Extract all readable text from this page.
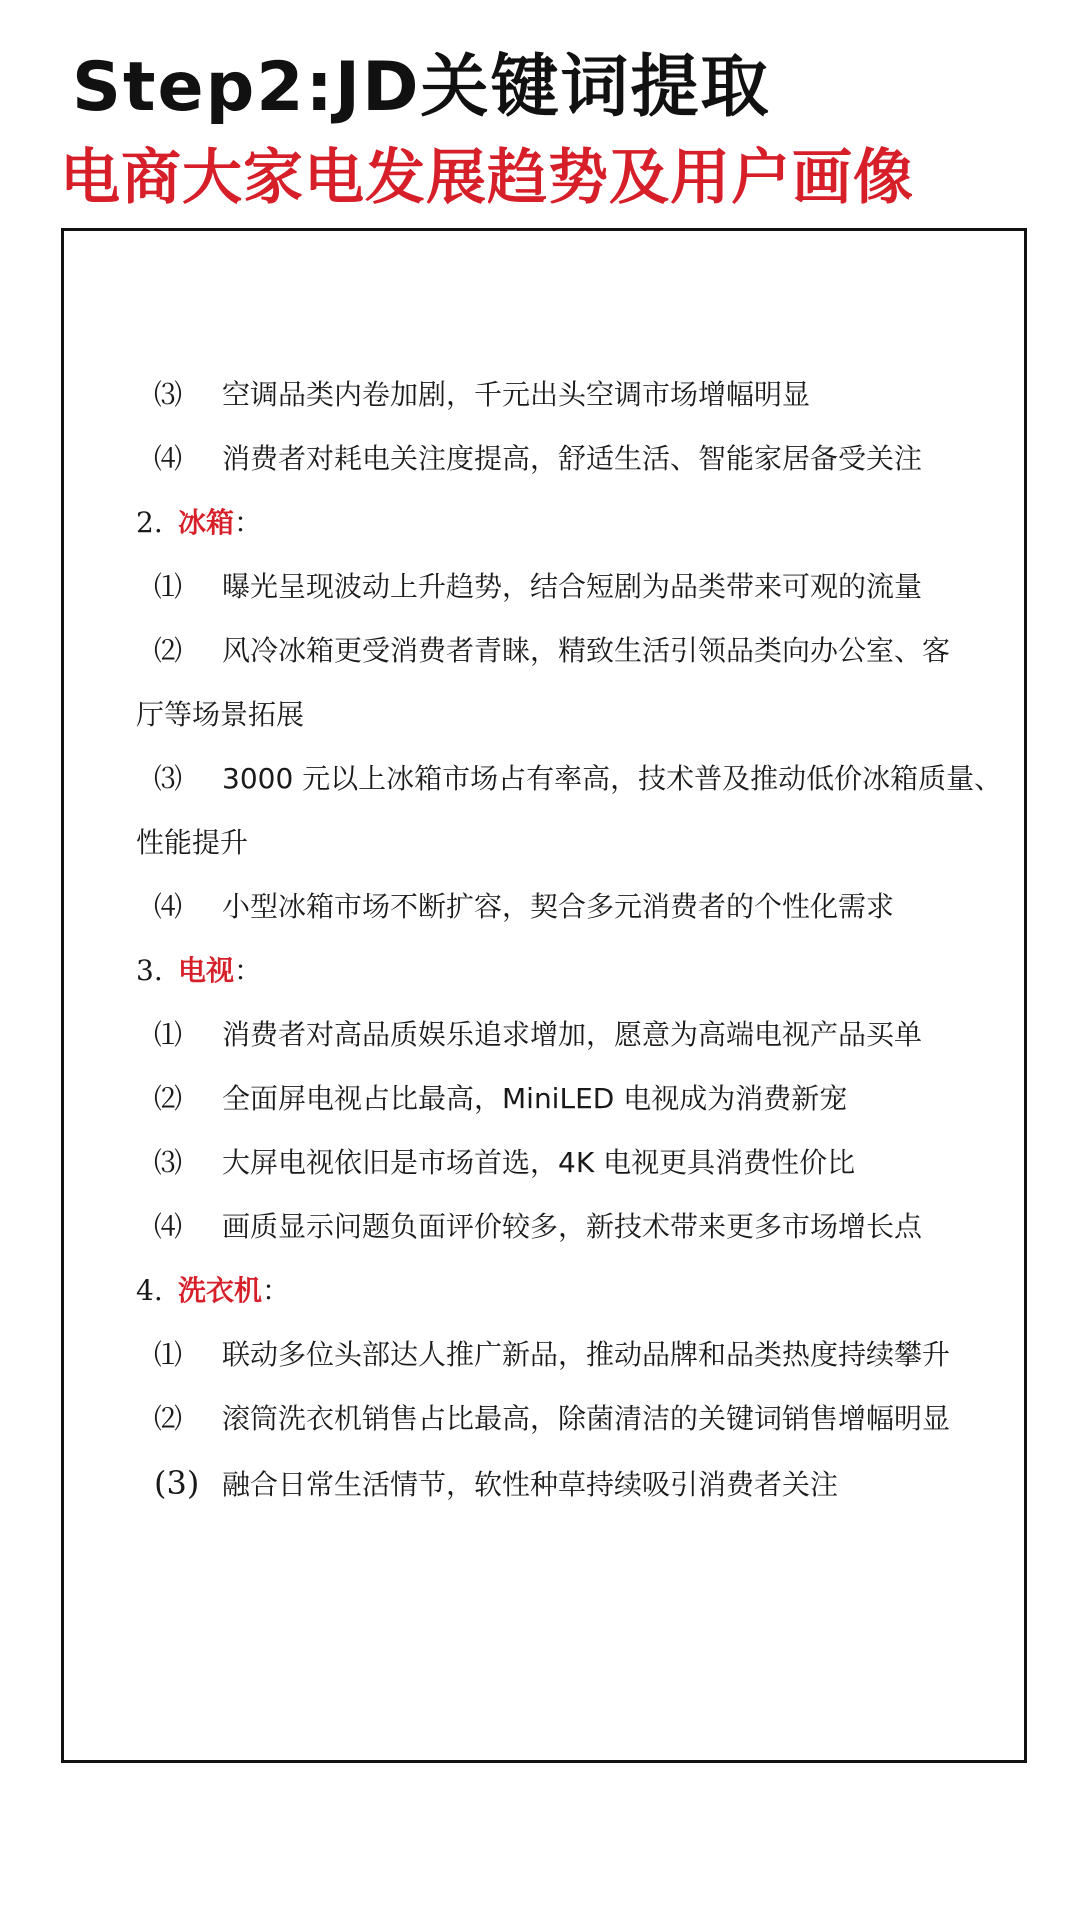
Step2:JD关键词提取
电商大家电发展趋势及用户画像
⑶ 空调品类内卷加剧，千元出头空调市场增幅明显
⑷ 消费者对耗电关注度提高，舒适生活、智能家居备受关注
2. 冰箱：
⑴ 曝光呈现波动上升趋势，结合短剧为品类带来可观的流量
⑵ 风冷冰箱更受消费者青睐，精致生活引领品类向办公室、客
厅等场景拓展
⑶ 3000 元以上冰箱市场占有率高，技术普及推动低价冰箱质量、
性能提升
⑷ 小型冰箱市场不断扩容，契合多元消费者的个性化需求
3. 电视：
⑴ 消费者对高品质娱乐追求增加，愿意为高端电视产品买单
⑵ 全面屏电视占比最高，MiniLED 电视成为消费新宠
⑶ 大屏电视依旧是市场首选，4K 电视更具消费性价比
⑷ 画质显示问题负面评价较多，新技术带来更多市场增长点
4. 洗衣机：
⑴ 联动多位头部达人推广新品，推动品牌和品类热度持续攀升
⑵ 滚筒洗衣机销售占比最高，除菌清洁的关键词销售增幅明显
(3) 融合日常生活情节，软性种草持续吸引消费者关注
